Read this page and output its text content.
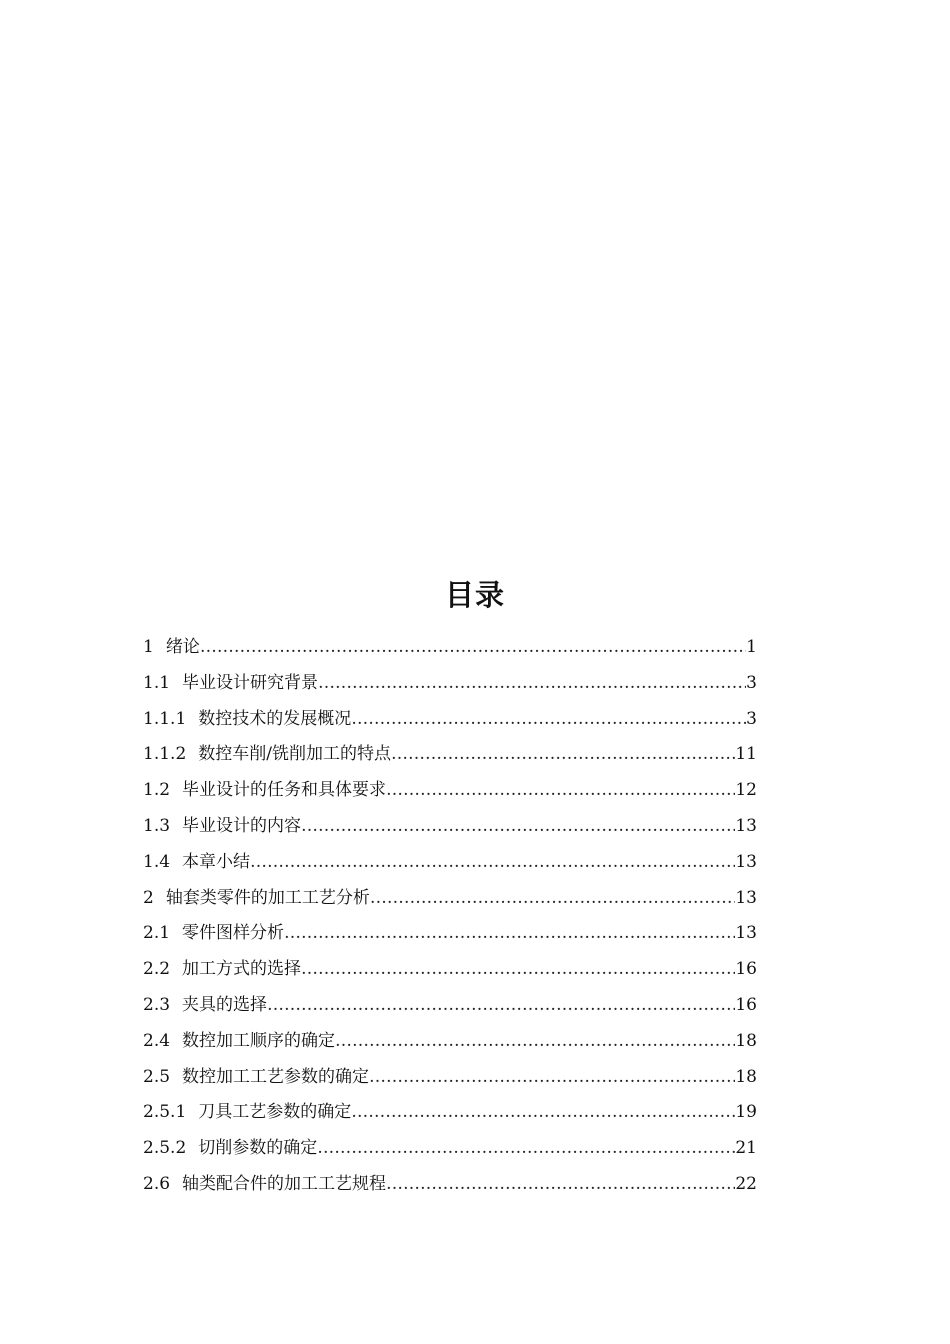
目录
1 绪论 ………………………………………………………………………………………………………………………………………………………………………………………………	1
1.1 毕业设计研究背景 ………………………………………………………………………………………………………………………………………………………………………………………………	3
1.1.1 数控技术的发展概况 ………………………………………………………………………………………………………………………………………………………………………………………………	3
1.1.2 数控车削/铣削加工的特点 ………………………………………………………………………………………………………………………………………………………………………………………………	11
1.2 毕业设计的任务和具体要求 ………………………………………………………………………………………………………………………………………………………………………………………………	12
1.3 毕业设计的内容 ………………………………………………………………………………………………………………………………………………………………………………………………	13
1.4 本章小结 ………………………………………………………………………………………………………………………………………………………………………………………………	13
2 轴套类零件的加工工艺分析 ………………………………………………………………………………………………………………………………………………………………………………………………	13
2.1 零件图样分析 ………………………………………………………………………………………………………………………………………………………………………………………………	13
2.2 加工方式的选择 ………………………………………………………………………………………………………………………………………………………………………………………………	16
2.3 夹具的选择 ………………………………………………………………………………………………………………………………………………………………………………………………	16
2.4 数控加工顺序的确定 ………………………………………………………………………………………………………………………………………………………………………………………………	18
2.5 数控加工工艺参数的确定 ………………………………………………………………………………………………………………………………………………………………………………………………	18
2.5.1 刀具工艺参数的确定 ………………………………………………………………………………………………………………………………………………………………………………………………	19
2.5.2 切削参数的确定 ………………………………………………………………………………………………………………………………………………………………………………………………	21
2.6 轴类配合件的加工工艺规程 ………………………………………………………………………………………………………………………………………………………………………………………………	22
